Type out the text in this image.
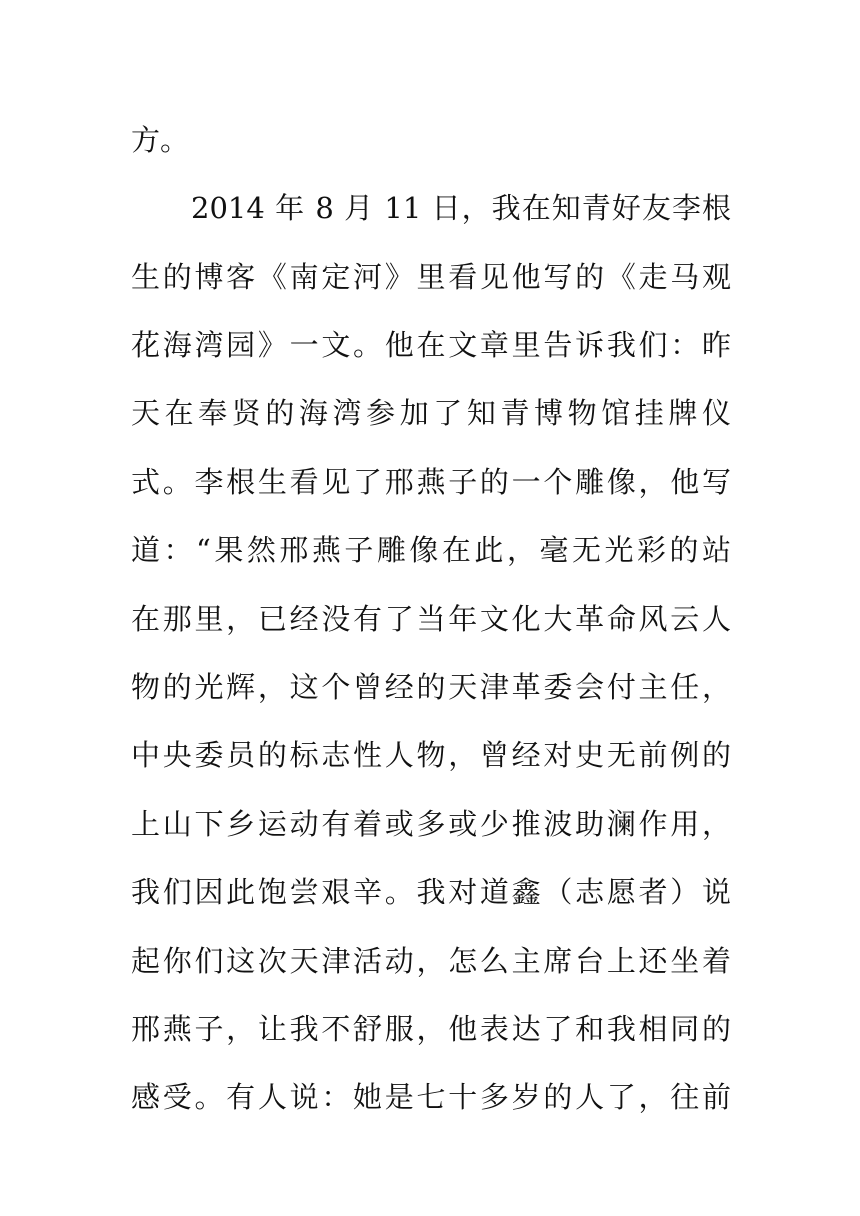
方。
2014 年 8 月 11 日，我在知青好友李根
生的博客《南定河》里看见他写的《走马观
花海湾园》一文。他在文章里告诉我们：昨
天在奉贤的海湾参加了知青博物馆挂牌仪
式。李根生看见了邢燕子的一个雕像，他写
道：“果然邢燕子雕像在此，毫无光彩的站
在那里，已经没有了当年文化大革命风云人
物的光辉，这个曾经的天津革委会付主任，
中央委员的标志性人物，曾经对史无前例的
上山下乡运动有着或多或少推波助澜作用，
我们因此饱尝艰辛。我对道鑫（志愿者）说
起你们这次天津活动，怎么主席台上还坐着
邢燕子，让我不舒服，他表达了和我相同的
感受。有人说：她是七十多岁的人了，往前
